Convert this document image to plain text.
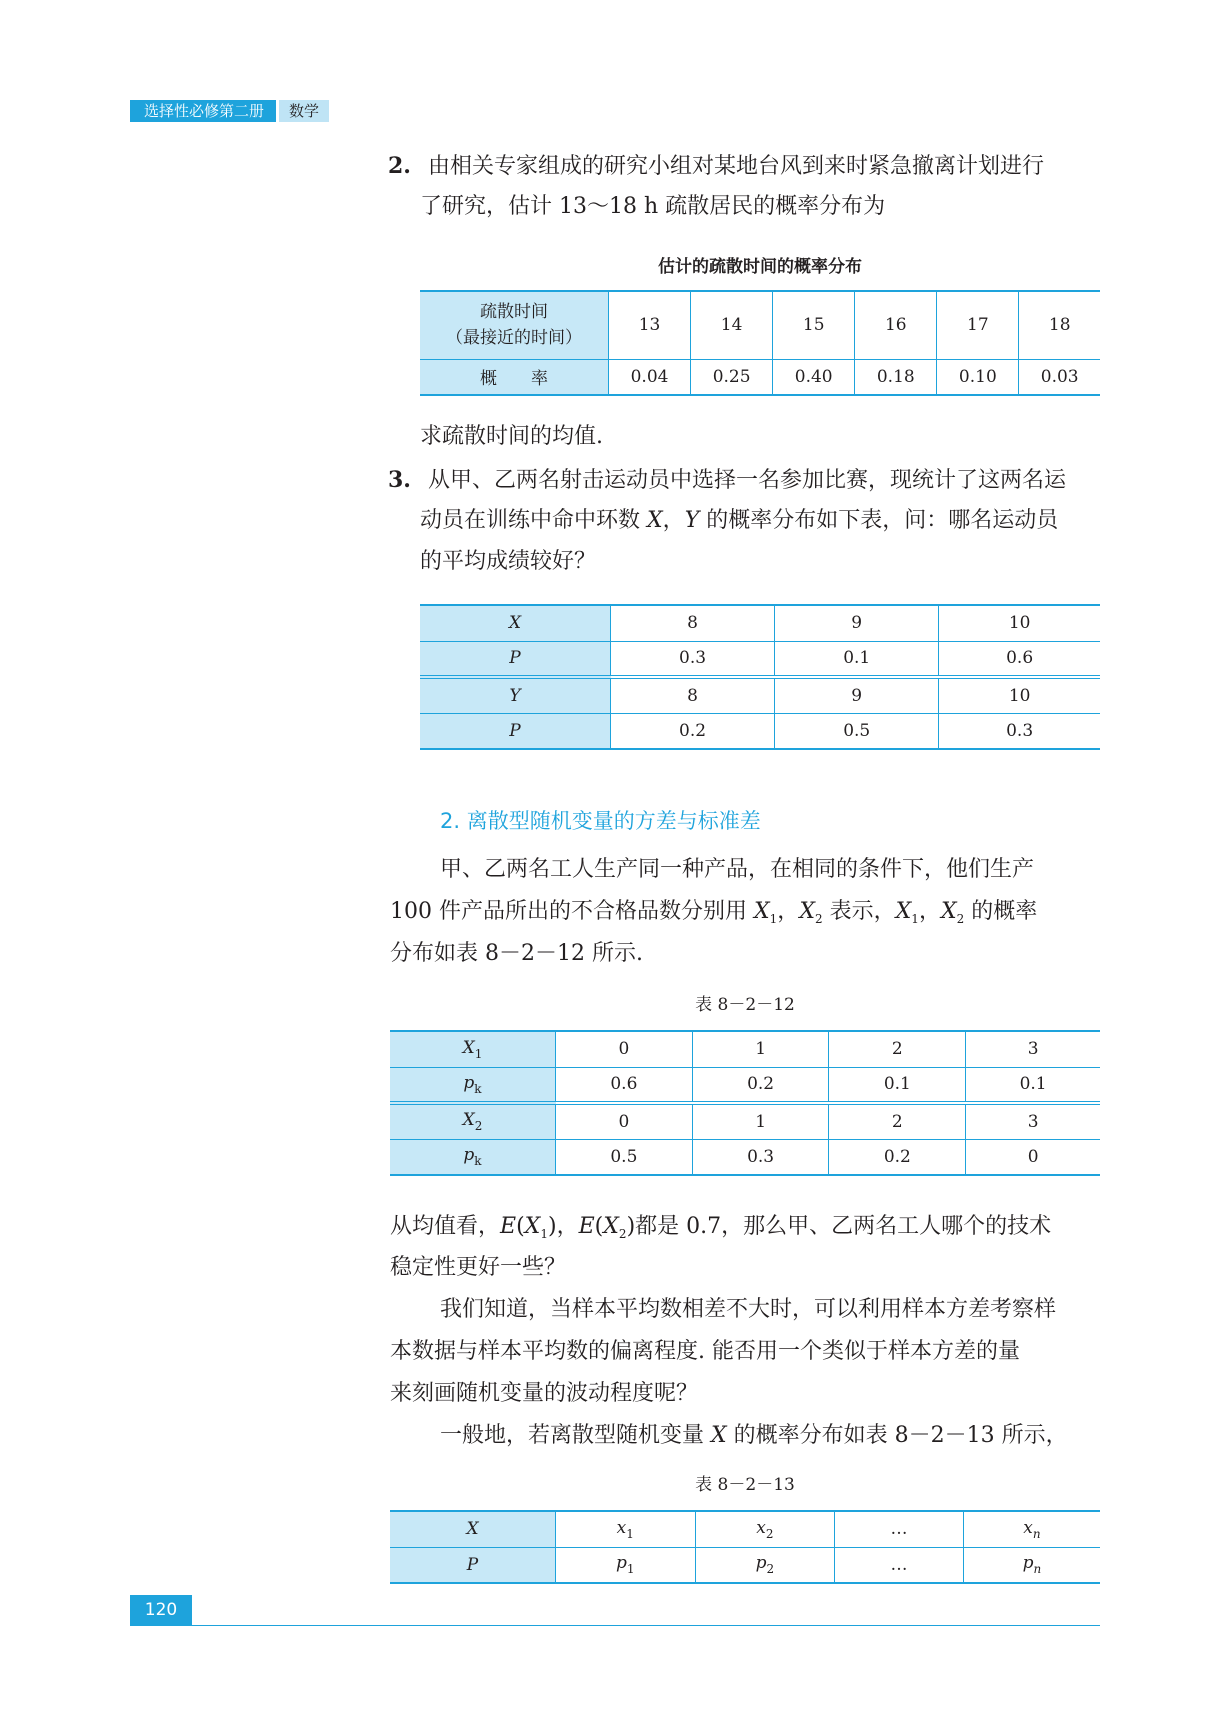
选择性必修第二册	数学
2. 由相关专家组成的研究小组对某地台风到来时紧急撤离计划进行
了研究，估计 13～18 h 疏散居民的概率分布为
估计的疏散时间的概率分布
疏散时间
（最接近的时间）	13	14	15	16	17	18
概　　率	0.04	0.25	0.40	0.18	0.10	0.03
求疏散时间的均值.
3. 从甲、乙两名射击运动员中选择一名参加比赛，现统计了这两名运
动员在训练中命中环数 X，Y 的概率分布如下表，问：哪名运动员
的平均成绩较好？
X	8	9	10
P	0.3	0.1	0.6
Y	8	9	10
P	0.2	0.5	0.3
2. 离散型随机变量的方差与标准差
甲、乙两名工人生产同一种产品，在相同的条件下，他们生产
100 件产品所出的不合格品数分别用 $X_1$，$X_2$ 表示，$X_1$，$X_2$ 的概率
分布如表 8－2－12 所示.
表 8－2－12
$X_1$	0	1	2	3
$p_k$	0.6	0.2	0.1	0.1
$X_2$	0	1	2	3
$p_k$	0.5	0.3	0.2	0
从均值看，$E(X_1)$，$E(X_2)$都是 0.7，那么甲、乙两名工人哪个的技术
稳定性更好一些？
我们知道，当样本平均数相差不大时，可以利用样本方差考察样
本数据与样本平均数的偏离程度. 能否用一个类似于样本方差的量
来刻画随机变量的波动程度呢？
一般地，若离散型随机变量 X 的概率分布如表 8－2－13 所示，
表 8－2－13
X	$x_1$	$x_2$	…	$x_n$
P	$p_1$	$p_2$	…	$p_n$
120
